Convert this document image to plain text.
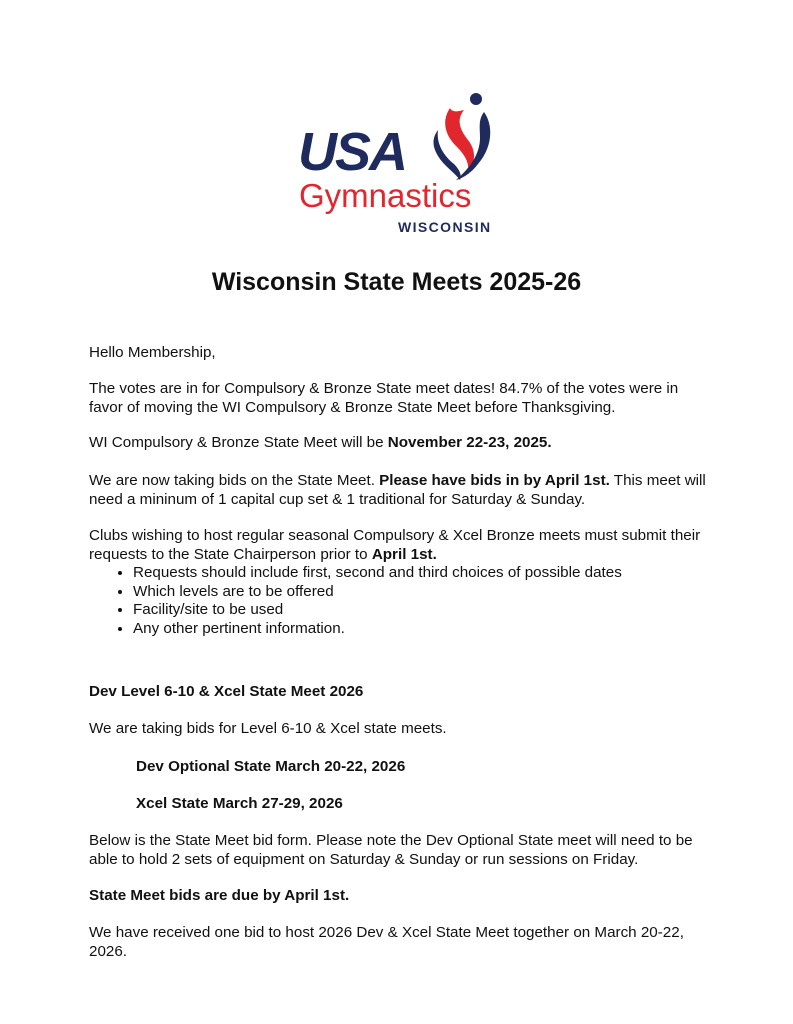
USA
Gymnastics
WISCONSIN
Wisconsin State Meets 2025-26

Hello Membership,

The votes are in for Compulsory & Bronze State meet dates! 84.7% of the votes were in favor of moving the WI Compulsory & Bronze State Meet before Thanksgiving.

WI Compulsory & Bronze State Meet will be November 22-23, 2025.

We are now taking bids on the State Meet. Please have bids in by April 1st. This meet will need a mininum of 1 capital cup set & 1 traditional for Saturday & Sunday.

Clubs wishing to host regular seasonal Compulsory & Xcel Bronze meets must submit their requests to the State Chairperson prior to April 1st.

• Requests should include first, second and third choices of possible dates
• Which levels are to be offered
• Facility/site to be used
• Any other pertinent information.

Dev Level 6-10 & Xcel State Meet 2026

We are taking bids for Level 6-10 & Xcel state meets.

Dev Optional State March 20-22, 2026

Xcel State March 27-29, 2026

Below is the State Meet bid form. Please note the Dev Optional State meet will need to be able to hold 2 sets of equipment on Saturday & Sunday or run sessions on Friday.

State Meet bids are due by April 1st.

We have received one bid to host 2026 Dev & Xcel State Meet together on March 20-22, 2026.
